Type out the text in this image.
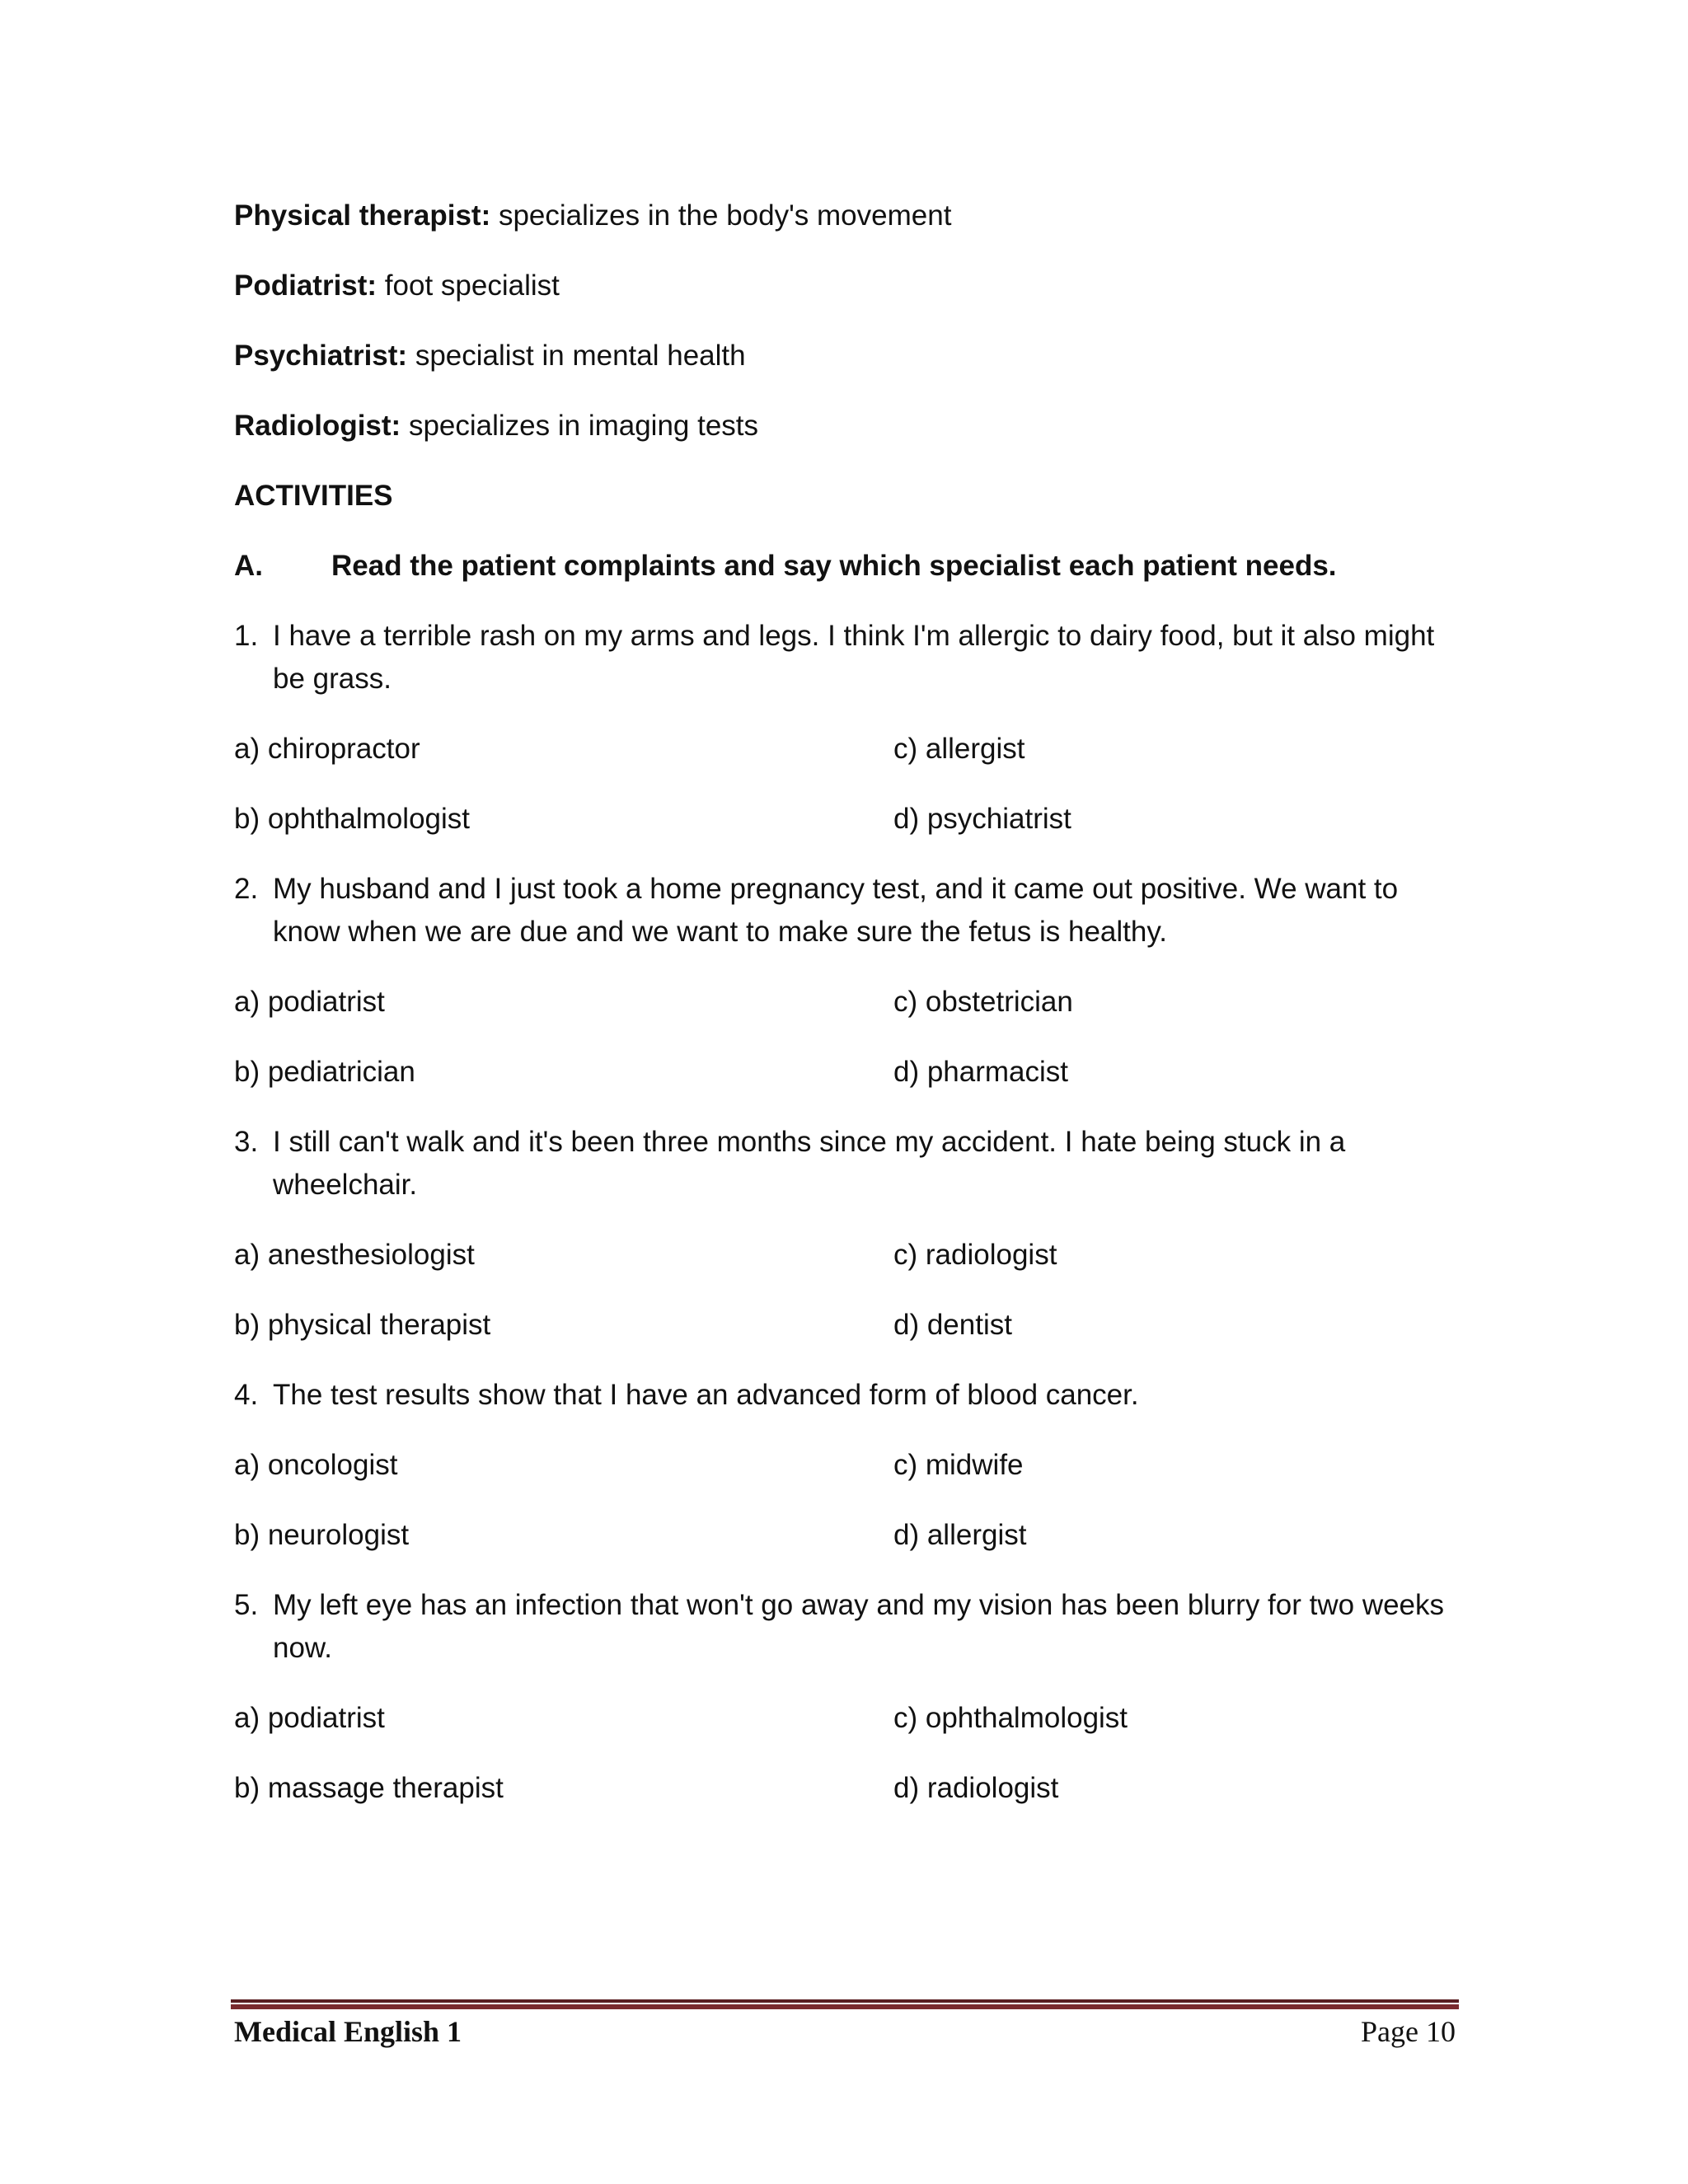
Physical therapist: specializes in the body's movement
Podiatrist: foot specialist
Psychiatrist: specialist in mental health
Radiologist: specializes in imaging tests
ACTIVITIES
A.	Read the patient complaints and say which specialist each patient needs.
1. I have a terrible rash on my arms and legs. I think I'm allergic to dairy food, but it also might be grass.
a) chiropractor	c) allergist
b) ophthalmologist	d) psychiatrist
2. My husband and I just took a home pregnancy test, and it came out positive. We want to know when we are due and we want to make sure the fetus is healthy.
a) podiatrist	c) obstetrician
b) pediatrician	d) pharmacist
3. I still can't walk and it's been three months since my accident. I hate being stuck in a wheelchair.
a) anesthesiologist	c) radiologist
b) physical therapist	d) dentist
4. The test results show that I have an advanced form of blood cancer.
a) oncologist	c) midwife
b) neurologist	d) allergist
5. My left eye has an infection that won't go away and my vision has been blurry for two weeks now.
a) podiatrist	c) ophthalmologist
b) massage therapist	d) radiologist
Medical English 1	Page 10
